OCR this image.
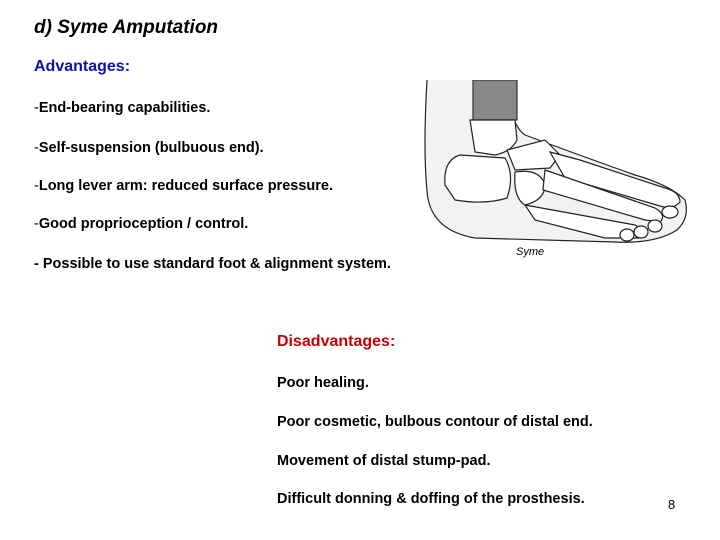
d) Syme Amputation
Advantages:
-End-bearing capabilities.
-Self-suspension (bulbuous end).
-Long lever arm: reduced surface pressure.
-Good proprioception / control.
- Possible to use standard foot & alignment system.
Syme
Disadvantages:
Poor healing.
Poor cosmetic, bulbous contour of distal end.
Movement of distal stump-pad.
Difficult donning & doffing of the prosthesis.	8
